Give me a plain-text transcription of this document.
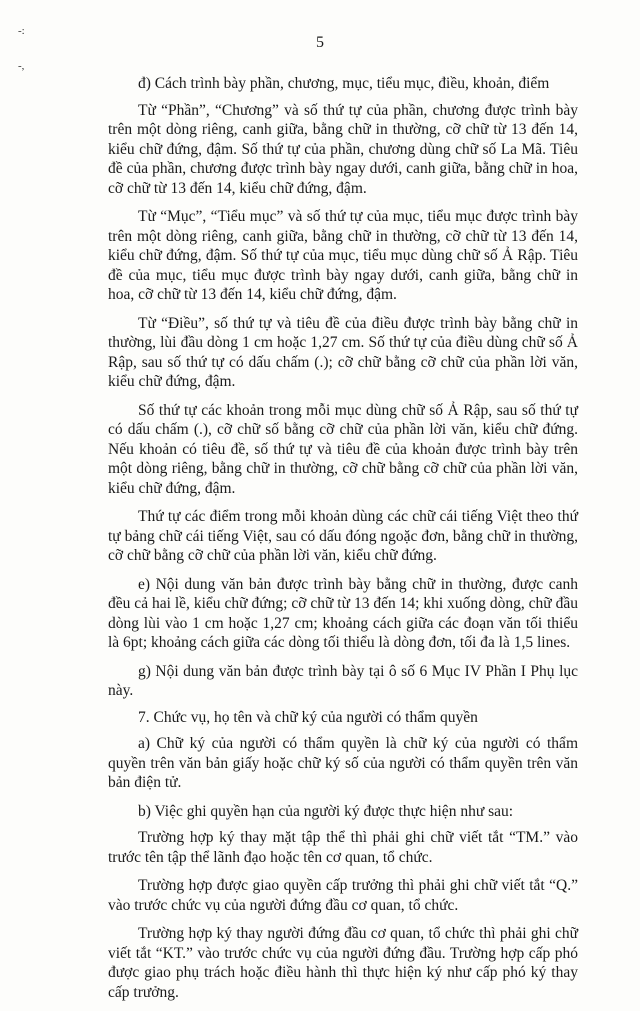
-:
-,
5

đ) Cách trình bày phần, chương, mục, tiểu mục, điều, khoản, điểm

Từ “Phần”, “Chương” và số thứ tự của phần, chương được trình bày trên một dòng riêng, canh giữa, bằng chữ in thường, cỡ chữ từ 13 đến 14, kiểu chữ đứng, đậm. Số thứ tự của phần, chương dùng chữ số La Mã. Tiêu đề của phần, chương được trình bày ngay dưới, canh giữa, bằng chữ in hoa, cỡ chữ từ 13 đến 14, kiểu chữ đứng, đậm.

Từ “Mục”, “Tiểu mục” và số thứ tự của mục, tiểu mục được trình bày trên một dòng riêng, canh giữa, bằng chữ in thường, cỡ chữ từ 13 đến 14, kiểu chữ đứng, đậm. Số thứ tự của mục, tiểu mục dùng chữ số Ả Rập. Tiêu đề của mục, tiểu mục được trình bày ngay dưới, canh giữa, bằng chữ in hoa, cỡ chữ từ 13 đến 14, kiểu chữ đứng, đậm.

Từ “Điều”, số thứ tự và tiêu đề của điều được trình bày bằng chữ in thường, lùi đầu dòng 1 cm hoặc 1,27 cm. Số thứ tự của điều dùng chữ số Ả Rập, sau số thứ tự có dấu chấm (.); cỡ chữ bằng cỡ chữ của phần lời văn, kiểu chữ đứng, đậm.

Số thứ tự các khoản trong mỗi mục dùng chữ số Ả Rập, sau số thứ tự có dấu chấm (.), cỡ chữ số bằng cỡ chữ của phần lời văn, kiểu chữ đứng. Nếu khoản có tiêu đề, số thứ tự và tiêu đề của khoản được trình bày trên một dòng riêng, bằng chữ in thường, cỡ chữ bằng cỡ chữ của phần lời văn, kiểu chữ đứng, đậm.

Thứ tự các điểm trong mỗi khoản dùng các chữ cái tiếng Việt theo thứ tự bảng chữ cái tiếng Việt, sau có dấu đóng ngoặc đơn, bằng chữ in thường, cỡ chữ bằng cỡ chữ của phần lời văn, kiểu chữ đứng.

e) Nội dung văn bản được trình bày bằng chữ in thường, được canh đều cả hai lề, kiểu chữ đứng; cỡ chữ từ 13 đến 14; khi xuống dòng, chữ đầu dòng lùi vào 1 cm hoặc 1,27 cm; khoảng cách giữa các đoạn văn tối thiểu là 6pt; khoảng cách giữa các dòng tối thiểu là dòng đơn, tối đa là 1,5 lines.

g) Nội dung văn bản được trình bày tại ô số 6 Mục IV Phần I Phụ lục này.

7. Chức vụ, họ tên và chữ ký của người có thẩm quyền

a) Chữ ký của người có thẩm quyền là chữ ký của người có thẩm quyền trên văn bản giấy hoặc chữ ký số của người có thẩm quyền trên văn bản điện tử.

b) Việc ghi quyền hạn của người ký được thực hiện như sau:

Trường hợp ký thay mặt tập thể thì phải ghi chữ viết tắt “TM.” vào trước tên tập thể lãnh đạo hoặc tên cơ quan, tổ chức.

Trường hợp được giao quyền cấp trưởng thì phải ghi chữ viết tắt “Q.” vào trước chức vụ của người đứng đầu cơ quan, tổ chức.

Trường hợp ký thay người đứng đầu cơ quan, tổ chức thì phải ghi chữ viết tắt “KT.” vào trước chức vụ của người đứng đầu. Trường hợp cấp phó được giao phụ trách hoặc điều hành thì thực hiện ký như cấp phó ký thay cấp trưởng.
